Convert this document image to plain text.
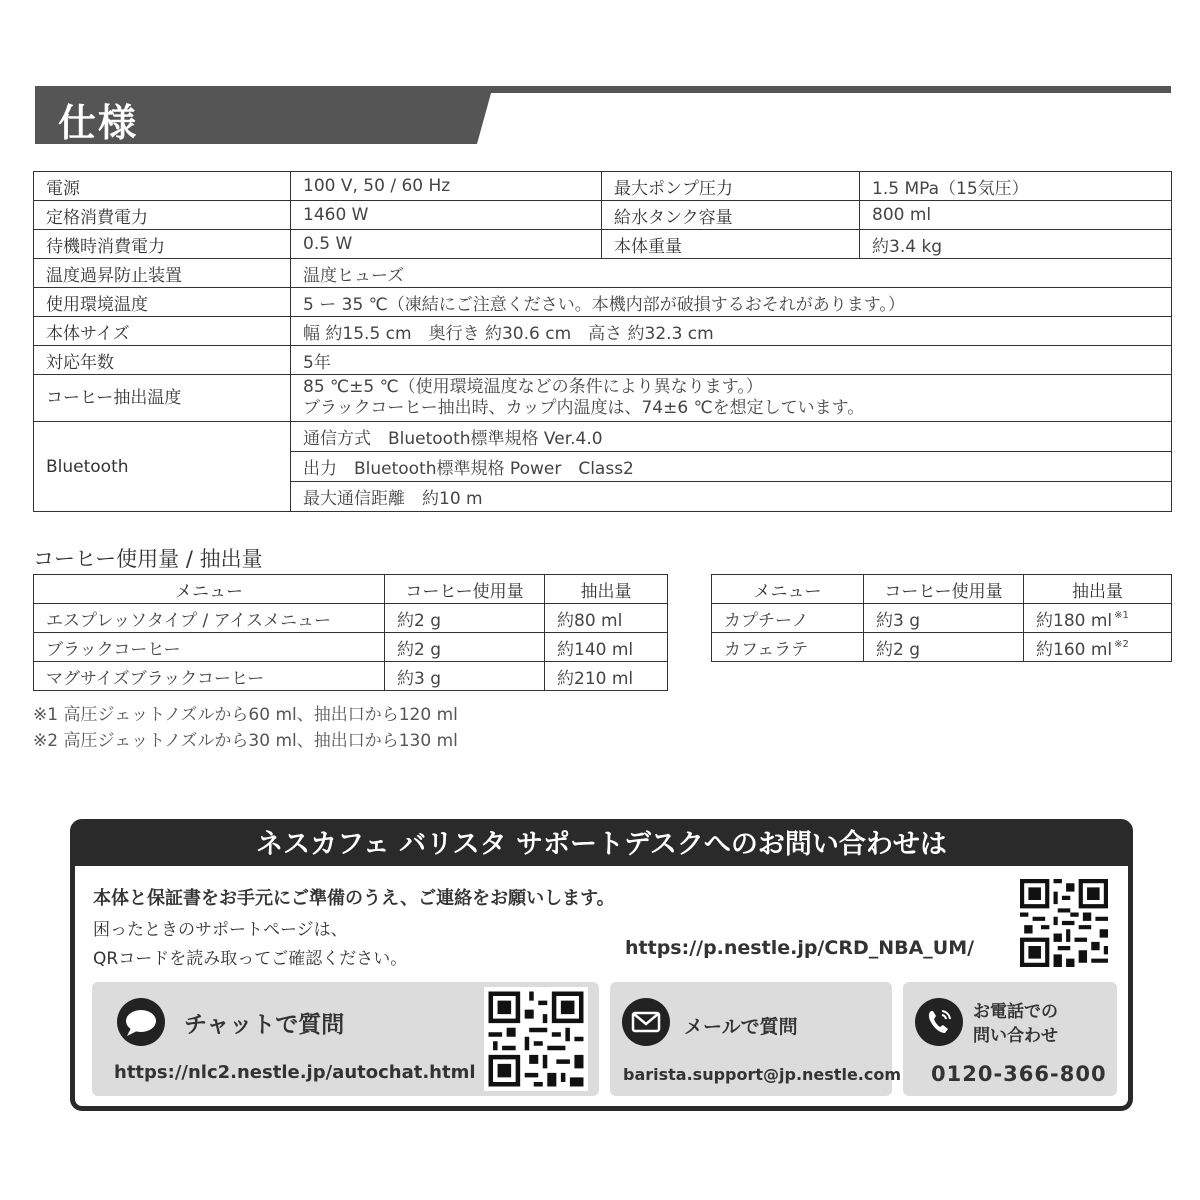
仕様
電源	100 V, 50 / 60 Hz	最大ポンプ圧力	1.5 MPa（15気圧）
定格消費電力	1460 W	給水タンク容量	800 ml
待機時消費電力	0.5 W	本体重量	約3.4 kg
温度過昇防止装置	温度ヒューズ		
使用環境温度	5 ー 35 ℃（凍結にご注意ください。本機内部が破損するおそれがあります。）		
本体サイズ	幅 約15.5 cm　奥行き 約30.6 cm　高さ 約32.3 cm		
対応年数	5年		
コーヒー抽出温度	85 ℃±5 ℃（使用環境温度などの条件により異なります。）
ブラックコーヒー抽出時、カップ内温度は、74±6 ℃を想定しています。		

Bluetooth	通信方式　Bluetooth標準規格 Ver.4.0		
	出力　Bluetooth標準規格 Power　Class2		
	最大通信距離　約10 m		
コーヒー使用量 / 抽出量
メニュー	コーヒー使用量	抽出量
エスプレッソタイプ / アイスメニュー	約2 g	約80 ml
ブラックコーヒー	約2 g	約140 ml
マグサイズブラックコーヒー	約3 g	約210 ml
メニュー	コーヒー使用量	抽出量
カプチーノ	約3 g	約180 ml $^{※1}$
カフェラテ	約2 g	約160 ml $^{※2}$
※1 高圧ジェットノズルから60 ml、抽出口から120 ml
※2 高圧ジェットノズルから30 ml、抽出口から130 ml
ネスカフェ バリスタ サポートデスクへのお問い合わせは
本体と保証書をお手元にご準備のうえ、ご連絡をお願いします。
困ったときのサポートページは、
QRコードを読み取ってご確認ください。	https://p.nestle.jp/CRD_NBA_UM/
チャットで質問
https://nlc2.nestle.jp/autochat.html
メールで質問
barista.support@jp.nestle.com
お電話での
問い合わせ
0120-366-800
